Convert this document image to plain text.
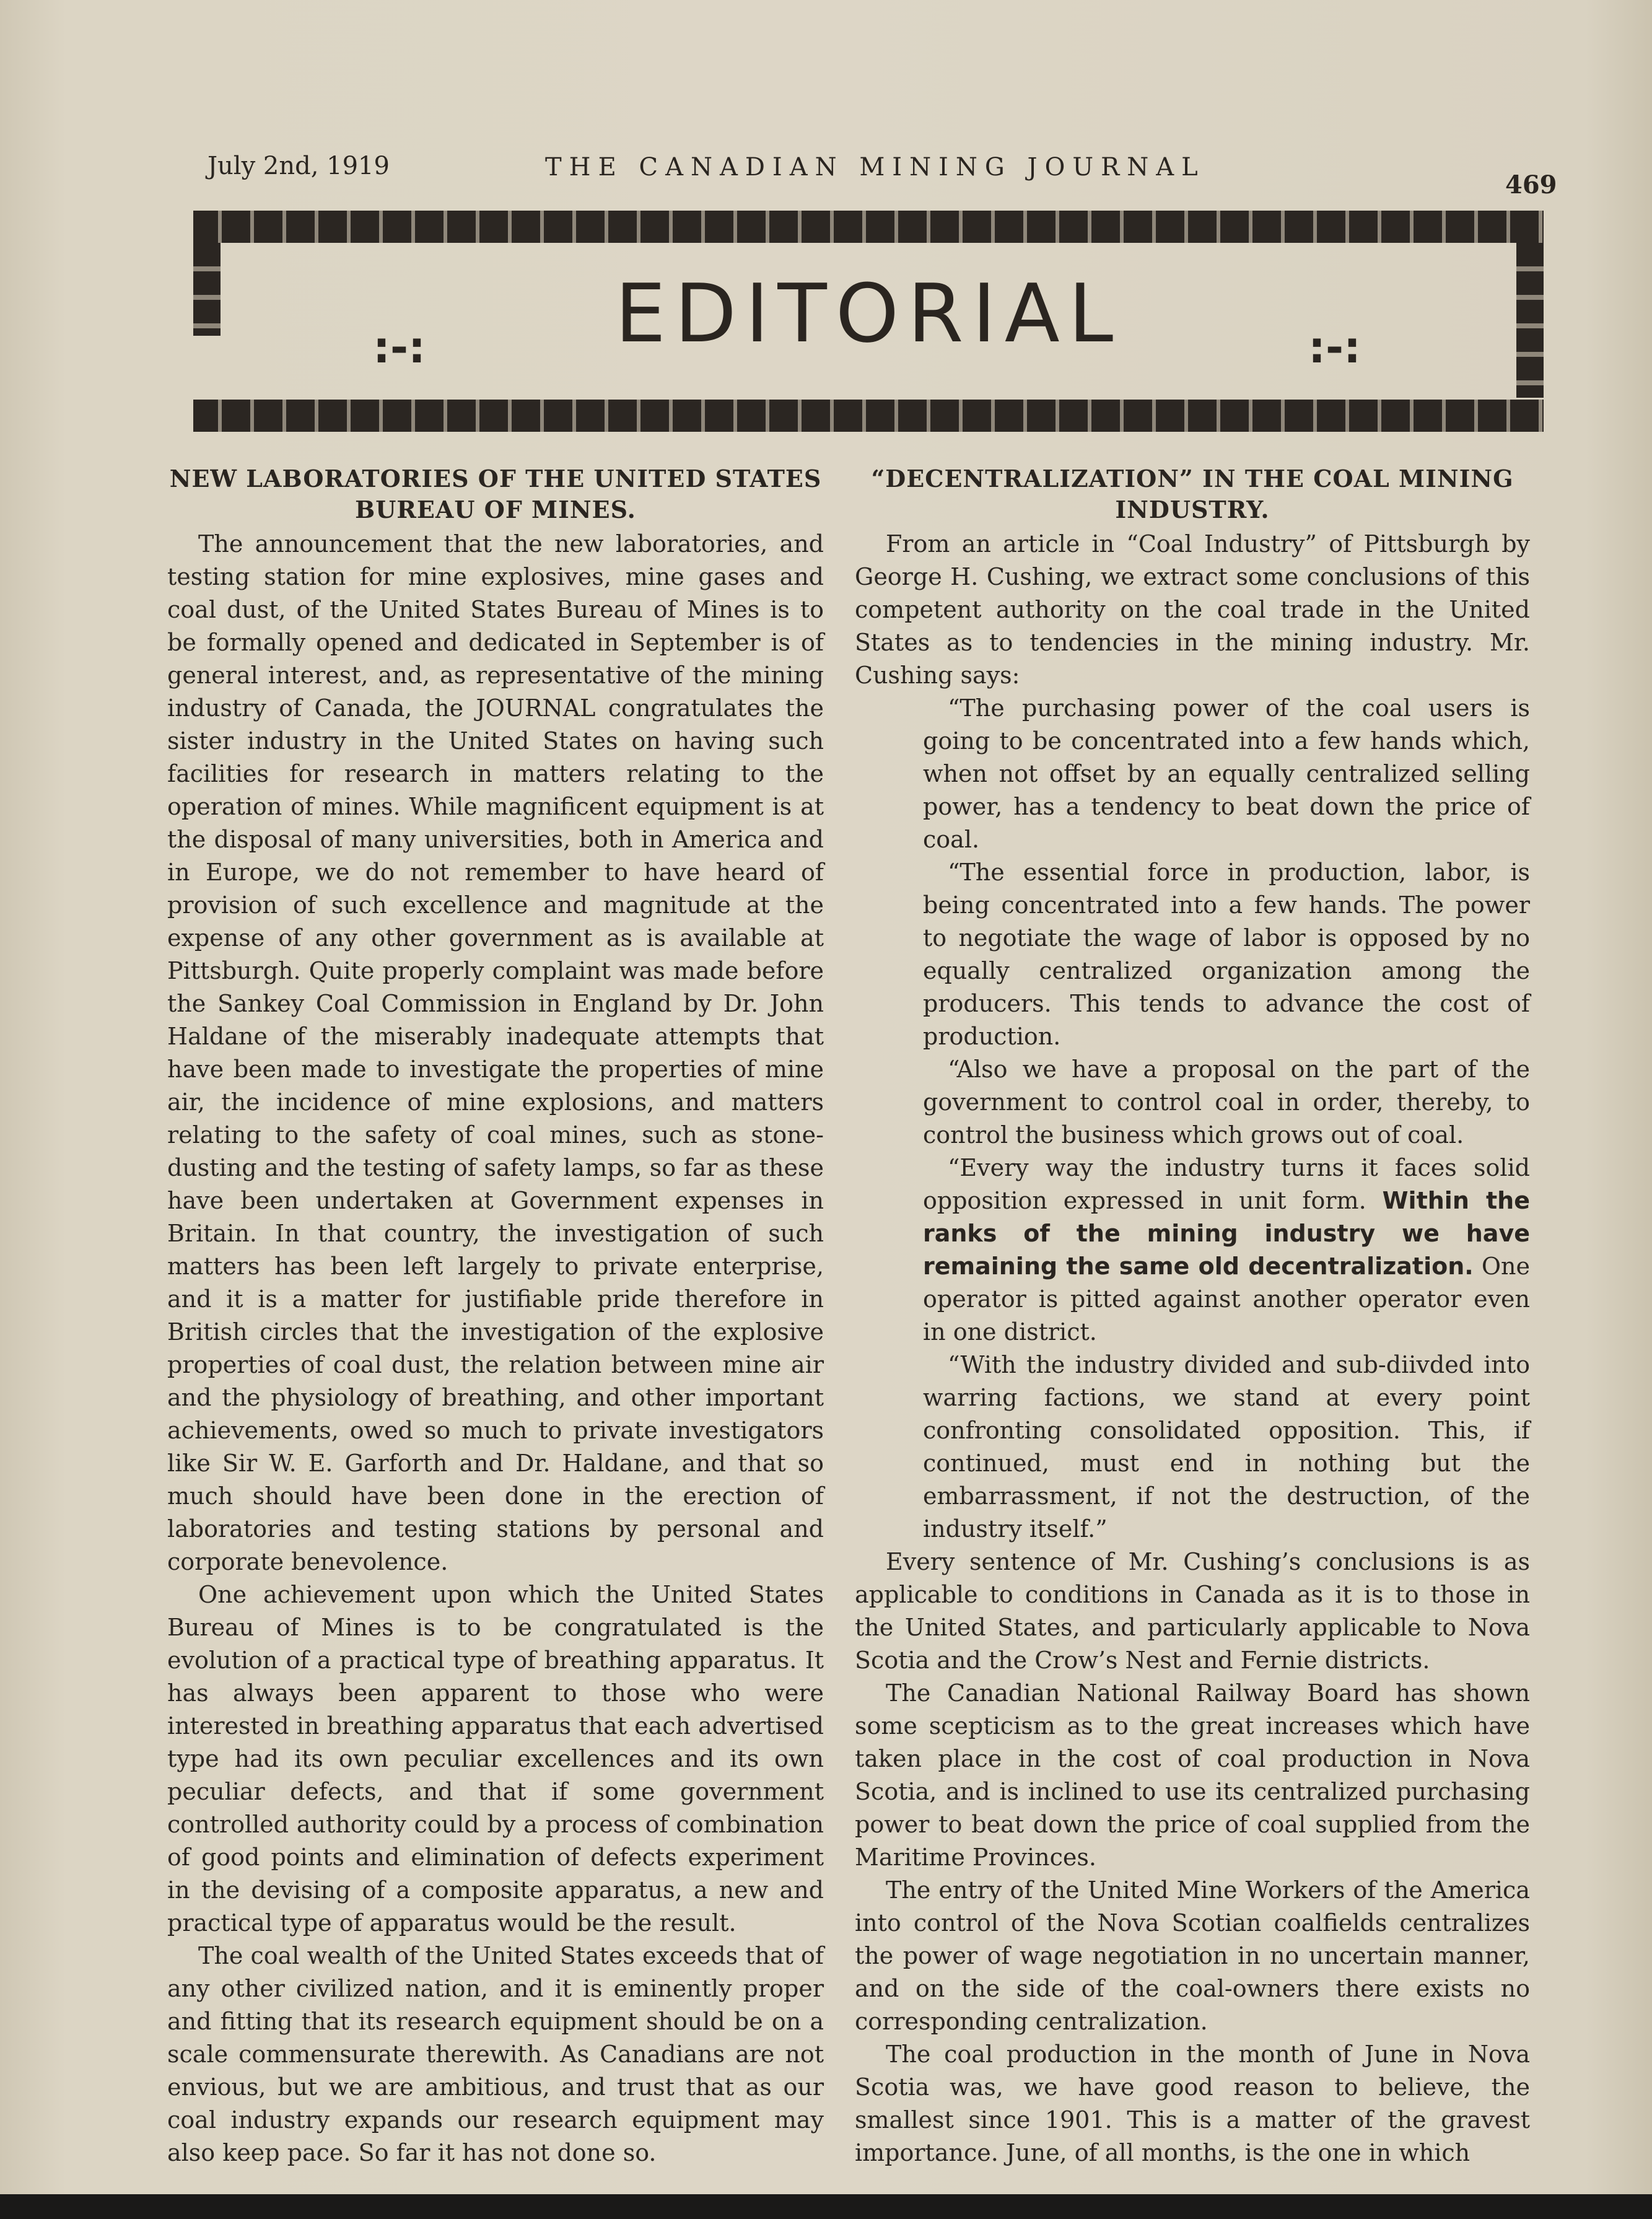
July 2nd, 1919	THE CANADIAN MINING JOURNAL
469
:-:	EDITORIAL	:-:
NEW LABORATORIES OF THE UNITED STATES BUREAU OF MINES.

The announcement that the new laboratories, and testing station for mine explosives, mine gases and coal dust, of the United States Bureau of Mines is to be formally opened and dedicated in September is of general interest, and, as representative of the mining industry of Canada, the JOURNAL congratulates the sister industry in the United States on having such facilities for research in matters relating to the operation of mines. While magnificent equipment is at the disposal of many universities, both in America and in Europe, we do not remember to have heard of provision of such excellence and magnitude at the expense of any other government as is available at Pittsburgh. Quite properly complaint was made before the Sankey Coal Commission in England by Dr. John Haldane of the miserably inadequate attempts that have been made to investigate the properties of mine air, the incidence of mine explosions, and matters relating to the safety of coal mines, such as stone-dusting and the testing of safety lamps, so far as these have been undertaken at Government expenses in Britain. In that country, the investigation of such matters has been left largely to private enterprise, and it is a matter for justifiable pride therefore in British circles that the investigation of the explosive properties of coal dust, the relation between mine air and the physiology of breathing, and other important achievements, owed so much to private investigators like Sir W. E. Garforth and Dr. Haldane, and that so much should have been done in the erection of laboratories and testing stations by personal and corporate benevolence.

One achievement upon which the United States Bureau of Mines is to be congratulated is the evolution of a practical type of breathing apparatus. It has always been apparent to those who were interested in breathing apparatus that each advertised type had its own peculiar excellences and its own peculiar defects, and that if some government controlled authority could by a process of combination of good points and elimination of defects experiment in the devising of a composite apparatus, a new and practical type of apparatus would be the result.

The coal wealth of the United States exceeds that of any other civilized nation, and it is eminently proper and fitting that its research equipment should be on a scale commensurate therewith. As Canadians are not envious, but we are ambitious, and trust that as our coal industry expands our research equipment may also keep pace. So far it has not done so.

“DECENTRALIZATION” IN THE COAL MINING INDUSTRY.

From an article in “Coal Industry” of Pittsburgh by George H. Cushing, we extract some conclusions of this competent authority on the coal trade in the United States as to tendencies in the mining industry. Mr. Cushing says:

“The purchasing power of the coal users is going to be concentrated into a few hands which, when not offset by an equally centralized selling power, has a tendency to beat down the price of coal.

“The essential force in production, labor, is being concentrated into a few hands. The power to negotiate the wage of labor is opposed by no equally centralized organization among the producers. This tends to advance the cost of production.

“Also we have a proposal on the part of the government to control coal in order, thereby, to control the business which grows out of coal.

“Every way the industry turns it faces solid opposition expressed in unit form. Within the ranks of the mining industry we have remaining the same old decentralization. One operator is pitted against another operator even in one district.

“With the industry divided and sub-diivded into warring factions, we stand at every point confronting consolidated opposition. This, if continued, must end in nothing but the embarrassment, if not the destruction, of the industry itself.”

Every sentence of Mr. Cushing’s conclusions is as applicable to conditions in Canada as it is to those in the United States, and particularly applicable to Nova Scotia and the Crow’s Nest and Fernie districts.

The Canadian National Railway Board has shown some scepticism as to the great increases which have taken place in the cost of coal production in Nova Scotia, and is inclined to use its centralized purchasing power to beat down the price of coal supplied from the Maritime Provinces.

The entry of the United Mine Workers of the America into control of the Nova Scotian coalfields centralizes the power of wage negotiation in no uncertain manner, and on the side of the coal-owners there exists no corresponding centralization.

The coal production in the month of June in Nova Scotia was, we have good reason to believe, the smallest since 1901. This is a matter of the gravest importance. June, of all months, is the one in which
